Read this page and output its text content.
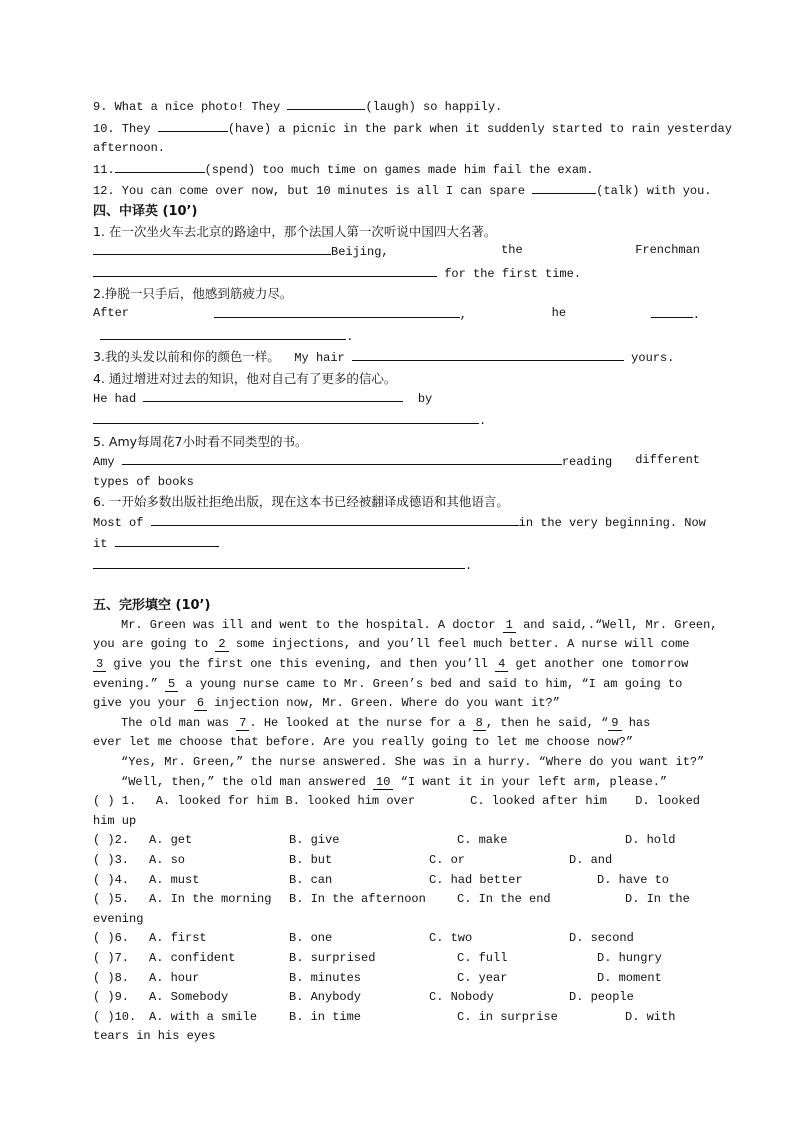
9. What a nice photo! They	(laugh) so happily.
10. They	(have) a picnic in the park when it suddenly started to rain yesterday
afternoon.
11.	(spend) too much time on games made him fail the exam.
12. You can come over now, but 10 minutes is all I can spare	(talk) with you.
四、中译英 (10’)
1. 在一次坐火车去北京的路途中，那个法国人第一次听说中国四大名著。
Beijing,	the	Frenchman
for the first time.
2.挣脱一只手后，他感到筋疲力尽。
After	,	he	.
.
3.我的头发以前和你的颜色一样。 My hair	yours.
4. 通过增进对过去的知识，他对自己有了更多的信心。
He had	by
.
5. Amy每周花7小时看不同类型的书。
Amy	reading different
types of books
6. 一开始多数出版社拒绝出版，现在这本书已经被翻译成德语和其他语言。
Most of	in the very beginning. Now
it
.
五、完形填空 (10’)
Mr. Green was ill and went to the hospital. A doctor 1 and said,.“Well, Mr. Green,
you are going to 2 some injections, and you’ll feel much better. A nurse will come
3 give you the first one this evening, and then you’ll 4 get another one tomorrow
evening.” 5 a young nurse came to Mr. Green’s bed and said to him, “I am going to
give you your 6 injection now, Mr. Green. Where do you want it?”
The old man was 7 . He looked at the nurse for a 8 , then he said, “ 9 has
ever let me choose that before. Are you really going to let me choose now?”
“Yes, Mr. Green,” the nurse answered. She was in a hurry. “Where do you want it?”
“Well, then,” the old man answered 10 “I want it in your left arm, please.”
( ) 1.	A. looked for him B. looked him over	C. looked after him	D. looked
him up
( )2.	A. get	B. give	C. make	D. hold
( )3.	A. so	B. but	C. or	D. and
( )4.	A. must	B. can	C. had better	D. have to
( )5.	A. In the morning	B. In the afternoon	C. In the end	D. In the
evening
( )6.	A. first	B. one	C. two	D. second
( )7.	A. confident	B. surprised	C. full	D. hungry
( )8.	A. hour	B. minutes	C. year	D. moment
( )9.	A. Somebody	B. Anybody	C. Nobody	D. people
( )10.	A. with a smile	B. in time	C. in surprise	D. with
tears in his eyes
